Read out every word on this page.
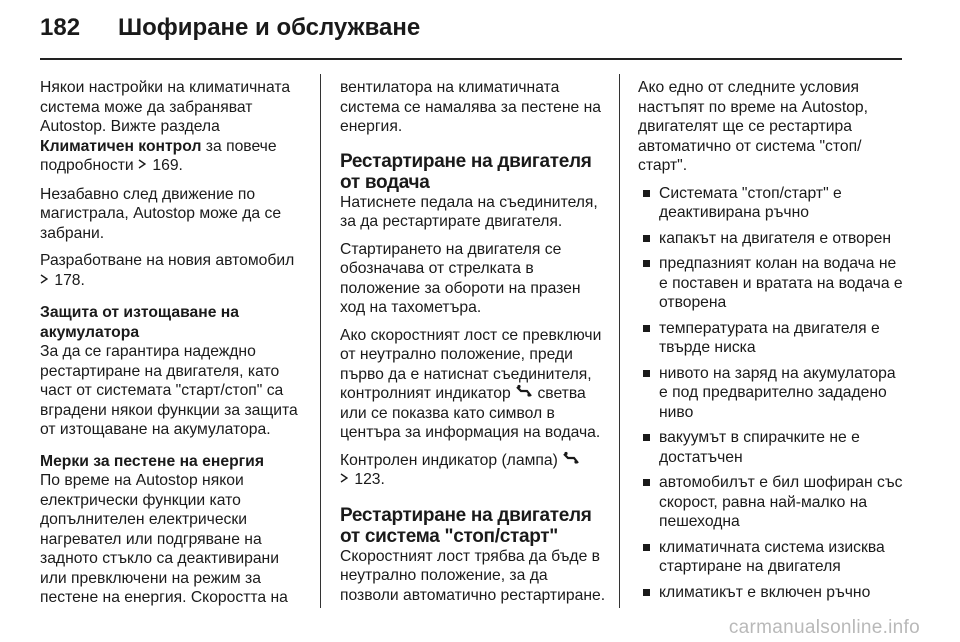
182 Шофиране и обслужване

Някои настройки на климатичната система може да забраняват Autostop. Вижте раздела Климатичен контрол за повече подробности  169.

Незабавно след движение по магистрала, Autostop може да се забрани.

Разработване на новия автомобил
178.

Защита от изтощаване на акумулатора

За да се гарантира надеждно рестартиране на двигателя, като част от системата "старт/стоп" са вградени някои функции за защита от изтощаване на акумулатора.

Мерки за пестене на енергия

По време на Autostop някои електрически функции като допълнителен електрически нагревател или подгряване на задното стъкло са деактивирани или превключени на режим за пестене на енергия. Скоростта на

вентилатора на климатичната система се намалява за пестене на енергия.

Рестартиране на двигателя от водача

Натиснете педала на съединителя, за да рестартирате двигателя.

Стартирането на двигателя се обозначава от стрелката в положение за обороти на празен ход на тахометъра.

Ако скоростният лост се превключи от неутрално положение, преди първо да е натиснат съединителя, контролният индикатор  светва или се показва като символ в центъра за информация на водача.

Контролен индикатор (лампа)
123.

Рестартиране на двигателя от система "стоп/старт"

Скоростният лост трябва да бъде в неутрално положение, за да позволи автоматично рестартиране.

Ако едно от следните условия настъпят по време на Autostop, двигателят ще се рестартира автоматично от система "стоп/старт".

Системата "стоп/старт" е деактивирана ръчно
капакът на двигателя е отворен
предпазният колан на водача не е поставен и вратата на водача е отворена
температурата на двигателя е твърде ниска
нивото на заряд на акумулатора е под предварително зададено ниво
вакуумът в спирачките не е достатъчен
автомобилът е бил шофиран със скорост, равна най-малко на пешеходна
климатичната система изисква стартиране на двигателя
климатикът е включен ръчно
carmanualsonline.info
